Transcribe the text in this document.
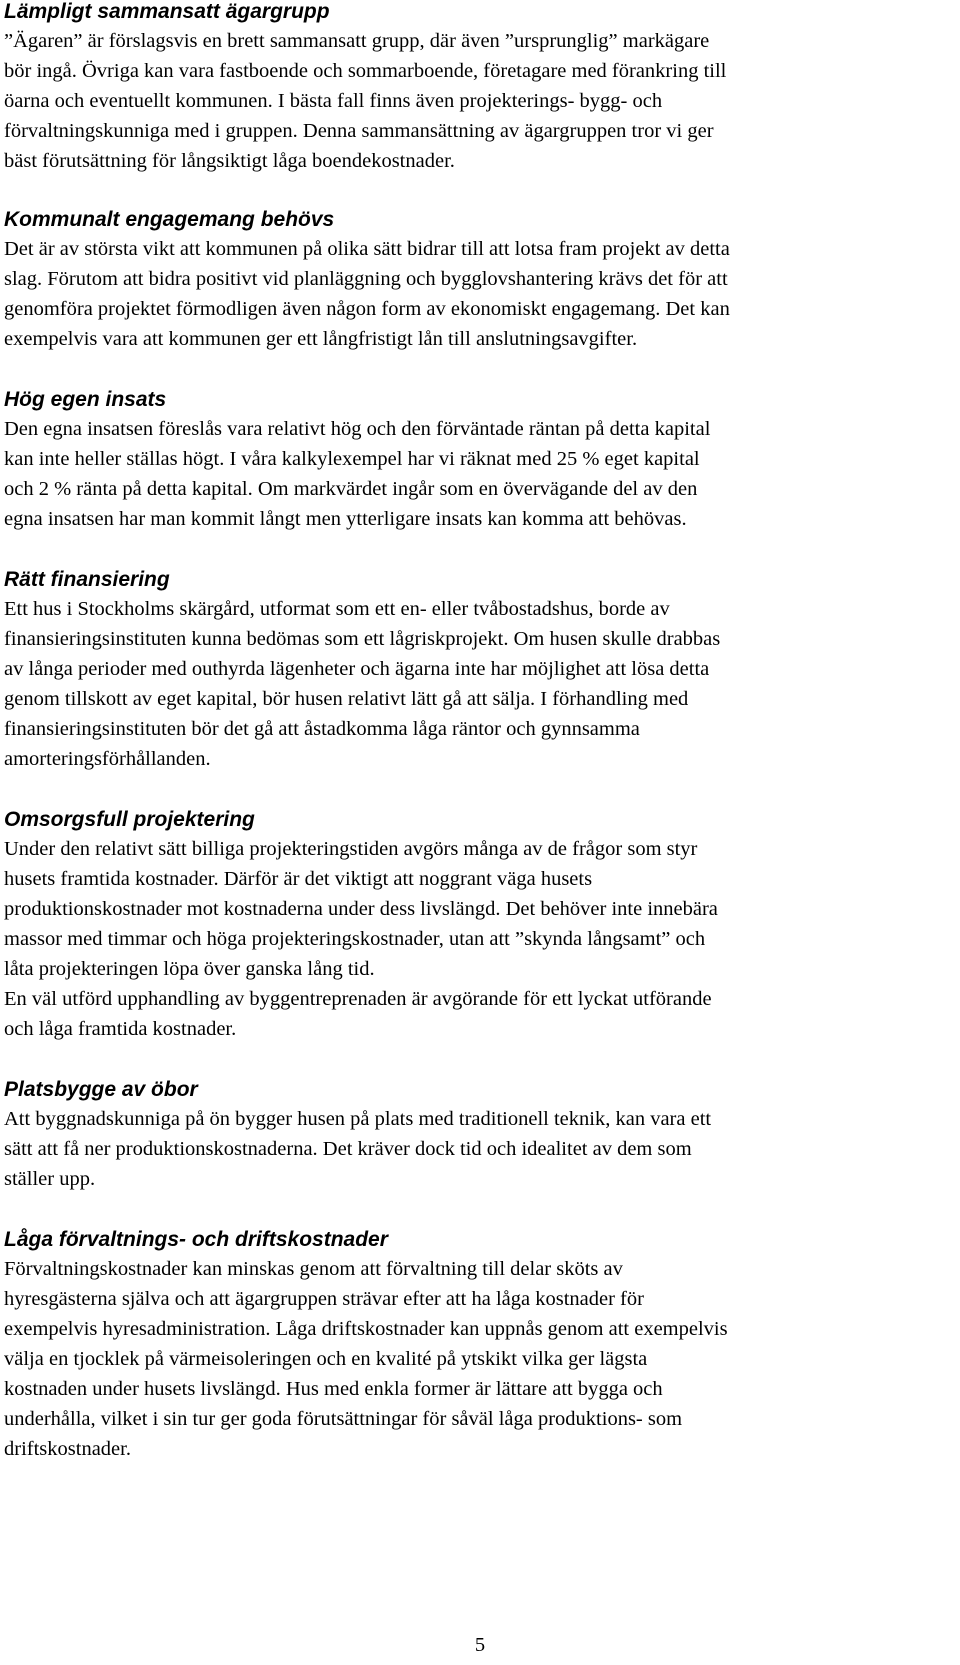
Lämpligt sammansatt ägargrupp

”Ägaren” är förslagsvis en brett sammansatt grupp, där även ”ursprunglig” markägare
bör ingå. Övriga kan vara fastboende och sommarboende, företagare med förankring till
öarna och eventuellt kommunen. I bästa fall finns även projekterings- bygg- och
förvaltningskunniga med i gruppen. Denna sammansättning av ägargruppen tror vi ger
bäst förutsättning för långsiktigt låga boendekostnader.

Kommunalt engagemang behövs

Det är av största vikt att kommunen på olika sätt bidrar till att lotsa fram projekt av detta
slag. Förutom att bidra positivt vid planläggning och bygglovshantering krävs det för att
genomföra projektet förmodligen även någon form av ekonomiskt engagemang. Det kan
exempelvis vara att kommunen ger ett långfristigt lån till anslutningsavgifter.

Hög egen insats

Den egna insatsen föreslås vara relativt hög och den förväntade räntan på detta kapital
kan inte heller ställas högt. I våra kalkylexempel har vi räknat med 25 % eget kapital
och 2 % ränta på detta kapital. Om markvärdet ingår som en övervägande del av den
egna insatsen har man kommit långt men ytterligare insats kan komma att behövas.

Rätt finansiering

Ett hus i Stockholms skärgård, utformat som ett en- eller tvåbostadshus, borde av
finansieringsinstituten kunna bedömas som ett lågriskprojekt. Om husen skulle drabbas
av långa perioder med outhyrda lägenheter och ägarna inte har möjlighet att lösa detta
genom tillskott av eget kapital, bör husen relativt lätt gå att sälja. I förhandling med
finansieringsinstituten bör det gå att åstadkomma låga räntor och gynnsamma
amorteringsförhållanden.

Omsorgsfull projektering

Under den relativt sätt billiga projekteringstiden avgörs många av de frågor som styr
husets framtida kostnader. Därför är det viktigt att noggrant väga husets
produktionskostnader mot kostnaderna under dess livslängd. Det behöver inte innebära
massor med timmar och höga projekteringskostnader, utan att ”skynda långsamt” och
låta projekteringen löpa över ganska lång tid.
En väl utförd upphandling av byggentreprenaden är avgörande för ett lyckat utförande
och låga framtida kostnader.

Platsbygge av öbor

Att byggnadskunniga på ön bygger husen på plats med traditionell teknik, kan vara ett
sätt att få ner produktionskostnaderna. Det kräver dock tid och idealitet av dem som
ställer upp.

Låga förvaltnings- och driftskostnader

Förvaltningskostnader kan minskas genom att förvaltning till delar sköts av
hyresgästerna själva och att ägargruppen strävar efter att ha låga kostnader för
exempelvis hyresadministration. Låga driftskostnader kan uppnås genom att exempelvis
välja en tjocklek på värmeisoleringen och en kvalité på ytskikt vilka ger lägsta
kostnaden under husets livslängd. Hus med enkla former är lättare att bygga och
underhålla, vilket i sin tur ger goda förutsättningar för såväl låga produktions- som
driftskostnader.

5
